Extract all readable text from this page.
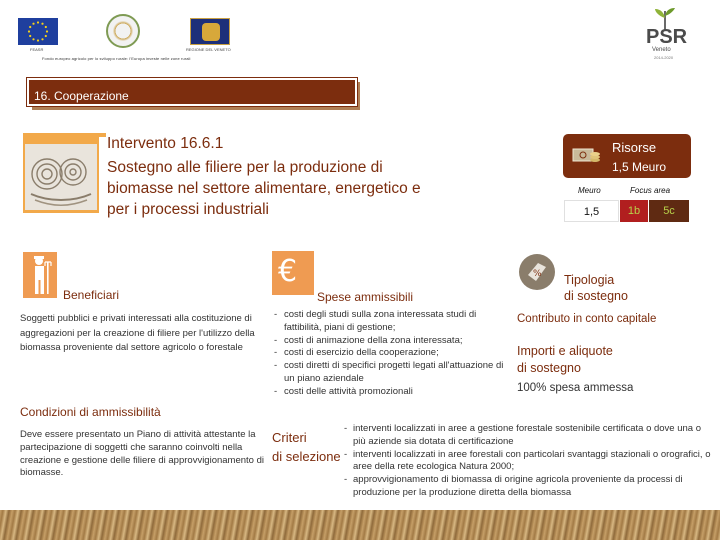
FEASR	REGIONE DEL VENETO
Fondo europeo agricolo per lo sviluppo rurale: l'Europa investe nelle zone rurali
PSR
Veneto
2014-2020
16. Cooperazione
Intervento 16.6.1
Sostegno alle filiere per la produzione di biomasse nel settore alimentare, energetico e per i processi industriali
Risorse
1,5 Meuro
Meuro	Focus area
1,5	1b	5c
Beneficiari
Soggetti pubblici e privati interessati alla costituzione di aggregazioni per la creazione di filiere per l'utilizzo della biomassa proveniente dal settore agricolo o forestale
Condizioni di ammissibilità
Deve essere presentato un Piano di attività attestante la partecipazione di soggetti che saranno coinvolti nella creazione e gestione delle filiere di approvvigionamento di biomasse.
€
Spese ammissibili
- costi degli studi sulla zona interessata studi di fattibilità, piani di gestione;
- costi di animazione della zona interessata;
- costi di esercizio della cooperazione;
- costi diretti di specifici progetti legati all'attuazione di un piano aziendale
- costi delle attività promozionali
% Tipologia
di sostegno
Contributo in conto capitale
Importi e aliquote
di sostegno
100% spesa ammessa
Criteri
di selezione
- interventi localizzati in aree a gestione forestale sostenibile certificata o dove una o più aziende sia dotata di certificazione
- interventi localizzati in aree forestali con particolari svantaggi stazionali o orografici, o aree della rete ecologica Natura 2000;
- approvvigionamento di biomassa di origine agricola proveniente da processi di produzione per la produzione diretta della biomassa
